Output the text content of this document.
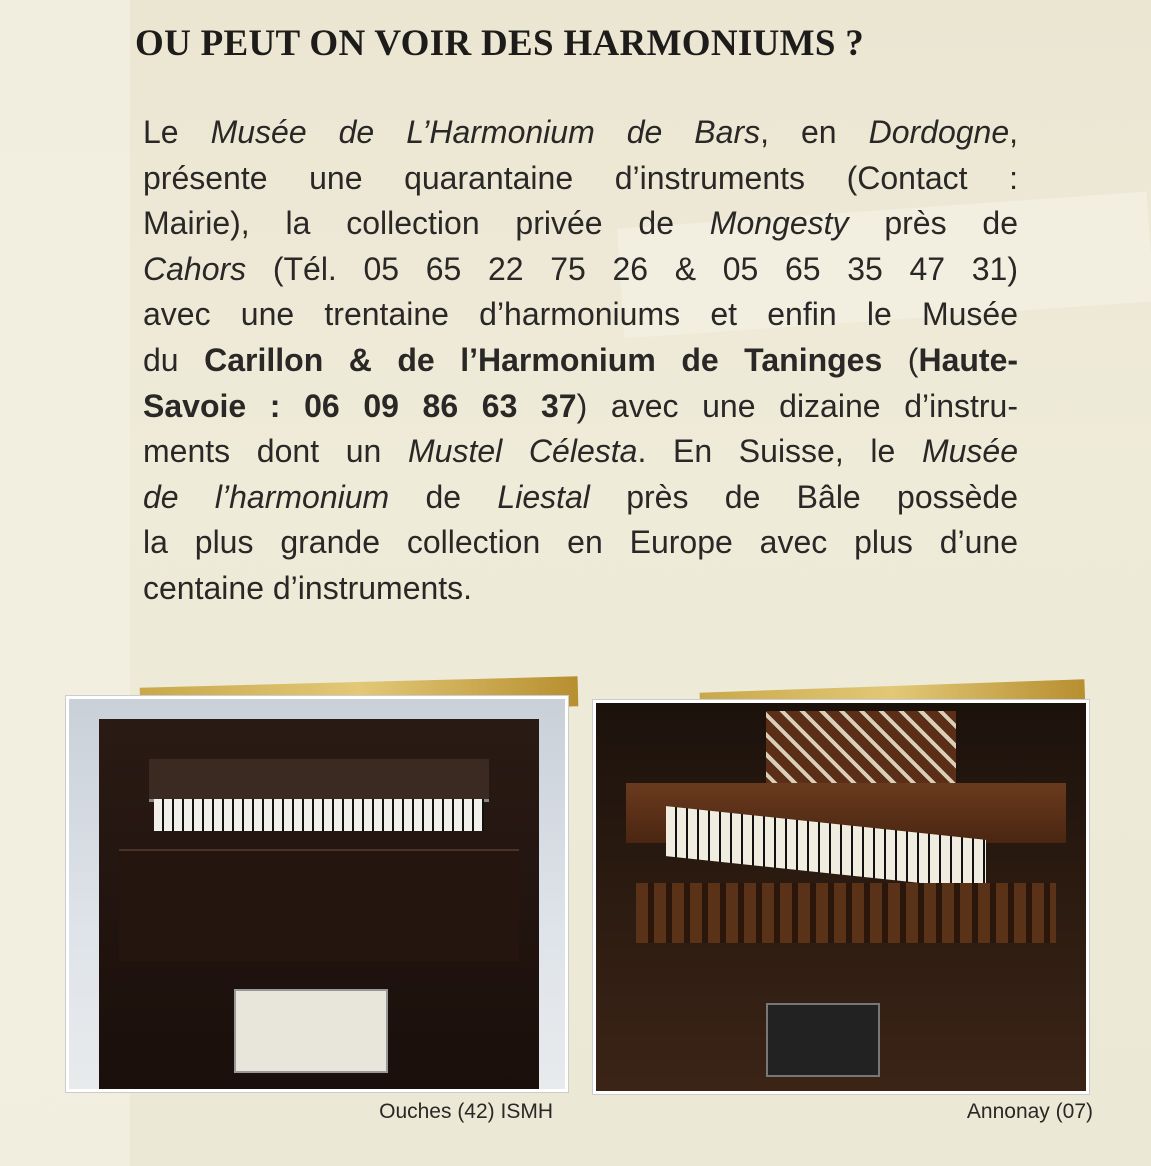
OU PEUT ON VOIR DES HARMONIUMS ?
Le Musée de L’Harmonium de Bars, en Dordogne,
présente une quarantaine d’instruments (Contact :
Mairie), la collection privée de Mongesty près de
Cahors (Tél. 05 65 22 75 26 & 05 65 35 47 31)
avec une trentaine d’harmoniums et enfin le Musée
du Carillon & de l’Harmonium de Taninges (Haute-
Savoie : 06 09 86 63 37) avec une dizaine d’instru-
ments dont un Mustel Célesta. En Suisse, le Musée
de l’harmonium de Liestal près de Bâle possède
la plus grande collection en Europe avec plus d’une
centaine d’instruments.
Ouches (42) ISMH	Annonay (07)
